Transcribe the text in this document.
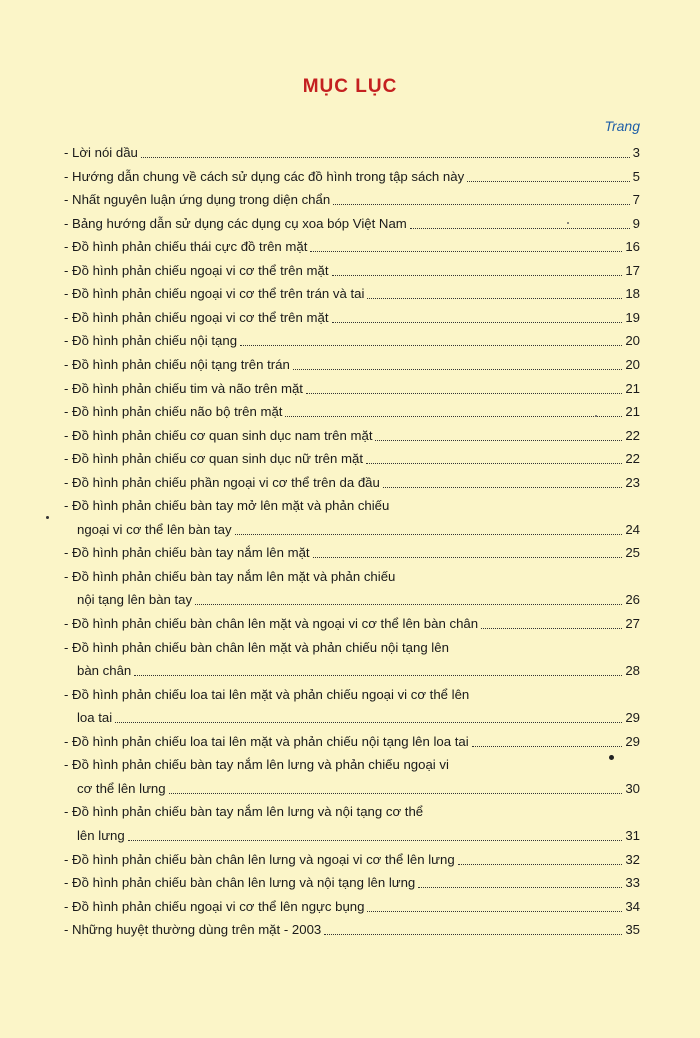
MỤC LỤC
Trang
- Lời nói dầu	3
- Hướng dẫn chung về cách sử dụng các đồ hình trong tập sách này	5
- Nhất nguyên luận ứng dụng trong diện chẩn	7
- Bảng hướng dẫn sử dụng các dụng cụ xoa bóp Việt Nam	9
- Đồ hình phản chiếu thái cực đồ trên mặt	16
- Đồ hình phản chiếu ngoại vi cơ thể trên mặt	17
- Đồ hình phản chiếu ngoại vi cơ thể trên trán và tai	18
- Đồ hình phản chiếu ngoại vi cơ thể trên mặt	19
- Đồ hình phản chiếu nội tạng	20
- Đồ hình phản chiếu nội tạng trên trán	20
- Đồ hình phản chiếu tim và não trên mặt	21
- Đồ hình phản chiếu não bộ trên mặt	21
- Đồ hình phản chiếu cơ quan sinh dục nam trên mặt	22
- Đồ hình phản chiếu cơ quan sinh dục nữ trên mặt	22
- Đồ hình phản chiếu phần ngoại vi cơ thể trên da đầu	23
- Đồ hình phản chiếu bàn tay mở lên mặt và phản chiếu
ngoại vi cơ thể lên bàn tay	24
- Đồ hình phản chiếu bàn tay nắm lên mặt	25
- Đồ hình phản chiếu bàn tay nắm lên mặt và phản chiếu
nội tạng lên bàn tay	26
- Đồ hình phản chiếu bàn chân lên mặt và ngoại vi cơ thể lên bàn chân	27
- Đồ hình phản chiếu bàn chân lên mặt và phản chiếu nội tạng lên
bàn chân	28
- Đồ hình phản chiếu loa tai lên mặt và phản chiếu ngoại vi cơ thể lên
loa tai	29
- Đồ hình phản chiếu loa tai lên mặt và phản chiếu nội tạng lên loa tai	29
- Đồ hình phản chiếu bàn tay nắm lên lưng và phản chiếu ngoại vi
cơ thể lên lưng	30
- Đồ hình phản chiếu bàn tay nắm lên lưng và nội tạng cơ thể
lên lưng	31
- Đồ hình phản chiếu bàn chân lên lưng và ngoại vi cơ thể lên lưng	32
- Đồ hình phản chiếu bàn chân lên lưng và nội tạng lên lưng	33
- Đồ hình phản chiếu ngoại vi cơ thể lên ngực bụng	34
- Những huyệt thường dùng trên mặt - 2003	35
